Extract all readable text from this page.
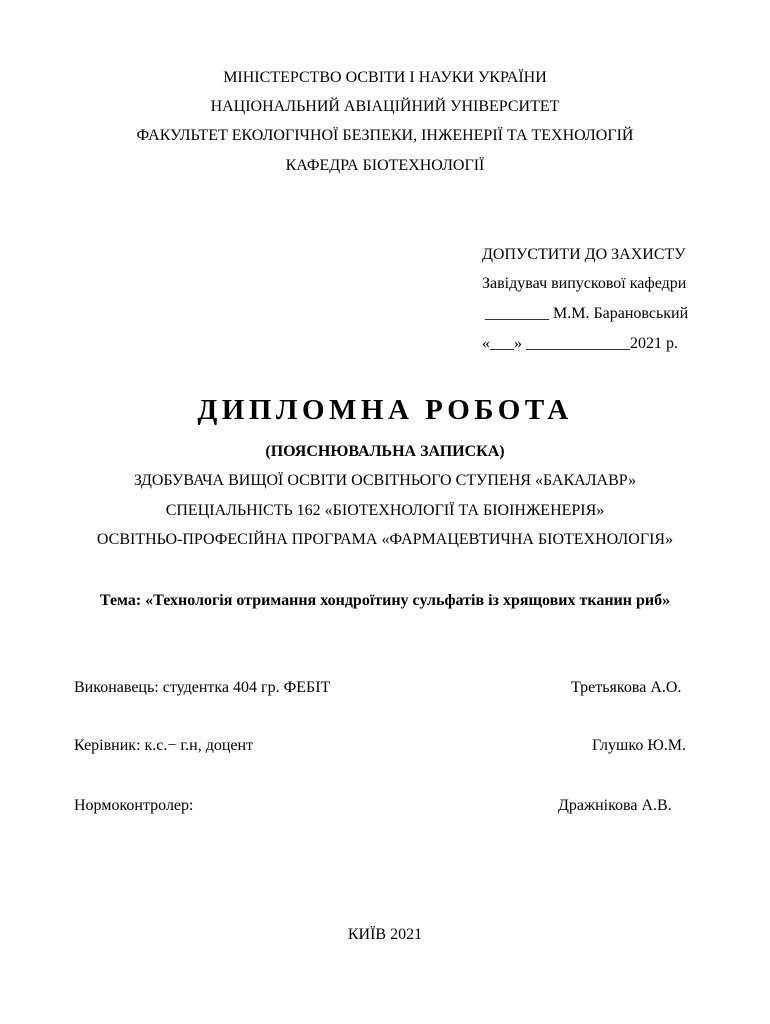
МІНІСТЕРСТВО ОСВІТИ І НАУКИ УКРАЇНИ
НАЦІОНАЛЬНИЙ АВІАЦІЙНИЙ УНІВЕРСИТЕТ
ФАКУЛЬТЕТ ЕКОЛОГІЧНОЇ БЕЗПЕКИ, ІНЖЕНЕРІЇ ТА ТЕХНОЛОГІЙ
КАФЕДРА БІОТЕХНОЛОГІЇ
ДОПУСТИТИ ДО ЗАХИСТУ
Завідувач випускової кафедри
________ М.М. Барановський
«___» _____________2021 р.
ДИПЛОМНА РОБОТА
(ПОЯСНЮВАЛЬНА ЗАПИСКА)
ЗДОБУВАЧА ВИЩОЇ ОСВІТИ ОСВІТНЬОГО СТУПЕНЯ «БАКАЛАВР»
СПЕЦІАЛЬНІСТЬ 162 «БІОТЕХНОЛОГІЇ ТА БІОІНЖЕНЕРІЯ»
ОСВІТНЬО-ПРОФЕСІЙНА ПРОГРАМА «ФАРМАЦЕВТИЧНА БІОТЕХНОЛОГІЯ»
Тема: «Технологія отримання хондроїтину сульфатів із хрящових тканин риб»
Виконавець: студентка 404 гр. ФЕБІТ	Третьякова А.О.
Керівник: к.с.− г.н, доцент	Глушко Ю.М.
Нормоконтролер:	Дражнікова А.В.
КИЇВ 2021
